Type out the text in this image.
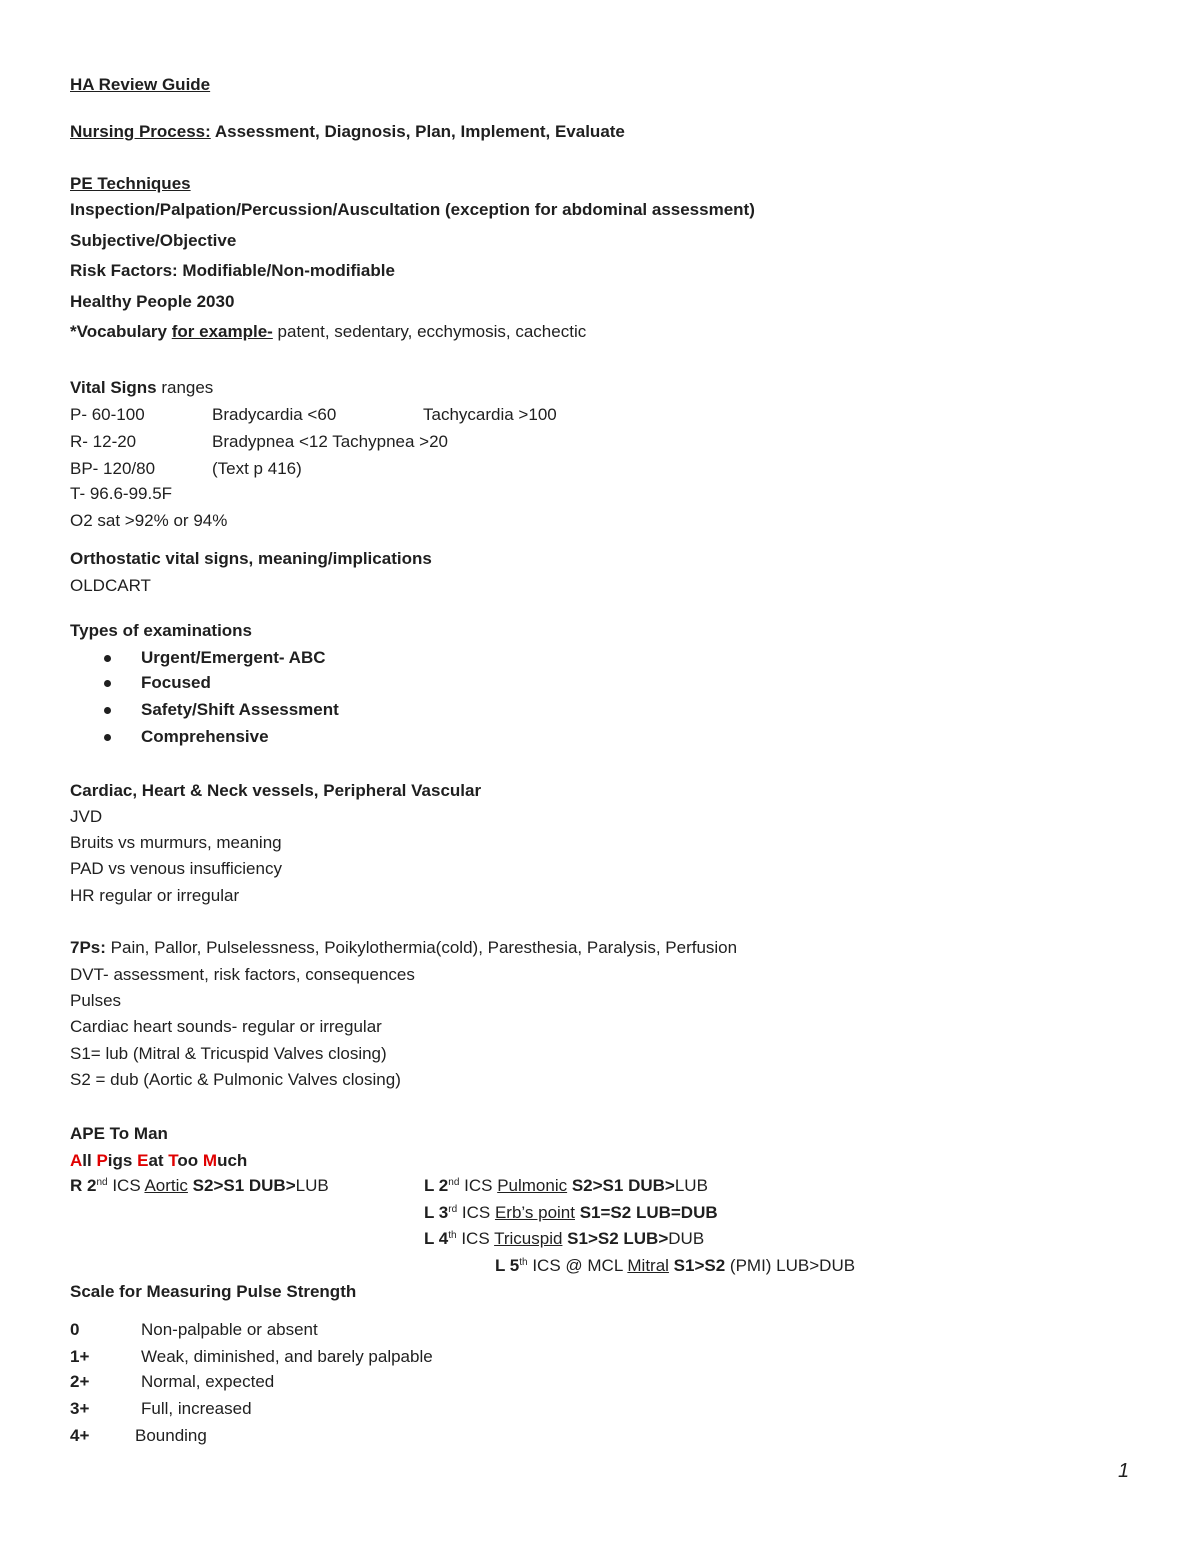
HA Review Guide
Nursing Process: Assessment, Diagnosis, Plan, Implement, Evaluate
PE Techniques
Inspection/Palpation/Percussion/Auscultation (exception for abdominal assessment)
Subjective/Objective
Risk Factors: Modifiable/Non-modifiable
Healthy People 2030
*Vocabulary for example- patent, sedentary, ecchymosis, cachectic
Vital Signs ranges
P- 60-100	Bradycardia <60	Tachycardia >100
R- 12-20	Bradypnea <12 Tachypnea >20
BP- 120/80	(Text p 416)
T- 96.6-99.5F
O2 sat >92% or 94%
Orthostatic vital signs, meaning/implications
OLDCART
Types of examinations
Urgent/Emergent- ABC
Focused
Safety/Shift Assessment
Comprehensive
Cardiac, Heart & Neck vessels, Peripheral Vascular
JVD
Bruits vs murmurs, meaning
PAD vs venous insufficiency
HR regular or irregular
7Ps: Pain, Pallor, Pulselessness, Poikylothermia(cold), Paresthesia, Paralysis, Perfusion
DVT- assessment, risk factors, consequences
Pulses
Cardiac heart sounds- regular or irregular
S1= lub (Mitral & Tricuspid Valves closing)
S2 = dub (Aortic & Pulmonic Valves closing)
APE To Man
All Pigs Eat Too Much
R 2nd ICS Aortic S2>S1 DUB>LUB	L 2nd ICS Pulmonic S2>S1 DUB>LUB
L 3rd ICS Erb’s point S1=S2 LUB=DUB
L 4th ICS Tricuspid S1>S2 LUB>DUB
L 5th ICS @ MCL Mitral S1>S2 (PMI) LUB>DUB
Scale for Measuring Pulse Strength
0	Non-palpable or absent
1+	Weak, diminished, and barely palpable
2+	Normal, expected
3+	Full, increased
4+	Bounding
1
